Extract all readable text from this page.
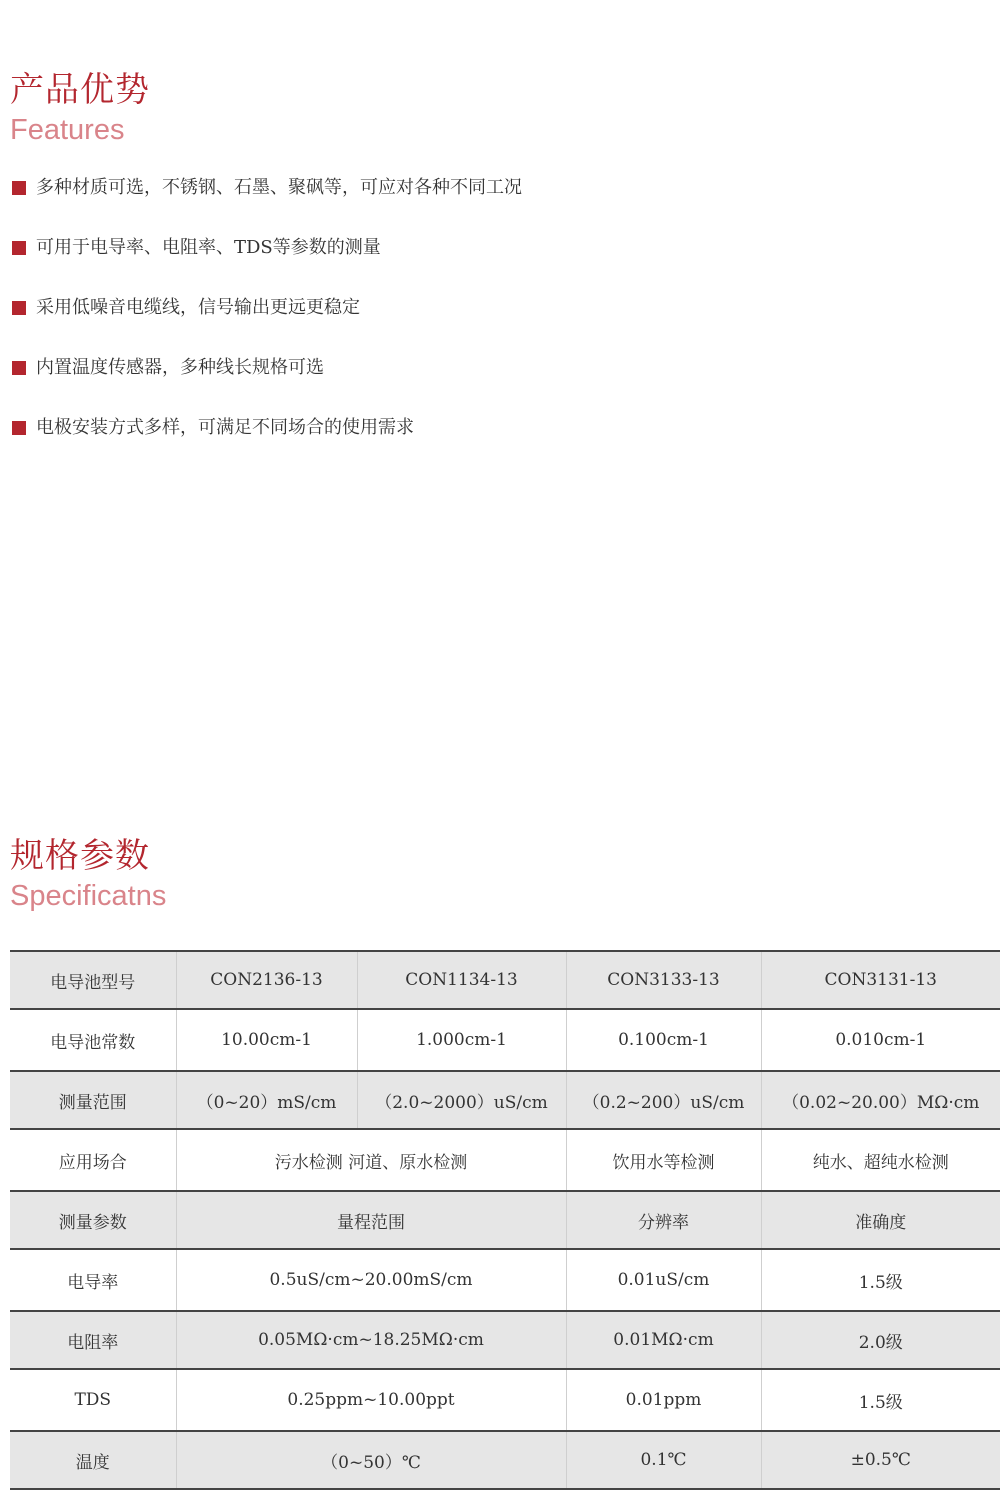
产品优势
Features
多种材质可选，不锈钢、石墨、聚砜等，可应对各种不同工况
可用于电导率、电阻率、TDS等参数的测量
采用低噪音电缆线，信号输出更远更稳定
内置温度传感器，多种线长规格可选
电极安装方式多样，可满足不同场合的使用需求
规格参数
Specificatns
电导池型号	CON2136-13	CON1134-13	CON3133-13	CON3131-13
电导池常数	10.00cm-1	1.000cm-1	0.100cm-1	0.010cm-1
测量范围	（0~20）mS/cm	（2.0~2000）uS/cm	（0.2~200）uS/cm	（0.02~20.00）MΩ·cm
应用场合	污水检测 河道、原水检测		饮用水等检测	纯水、超纯水检测
测量参数	量程范围		分辨率	准确度
电导率	0.5uS/cm~20.00mS/cm		0.01uS/cm	1.5级
电阻率	0.05MΩ·cm~18.25MΩ·cm		0.01MΩ·cm	2.0级
TDS	0.25ppm~10.00ppt		0.01ppm	1.5级
温度	（0~50）℃		0.1℃	±0.5℃
